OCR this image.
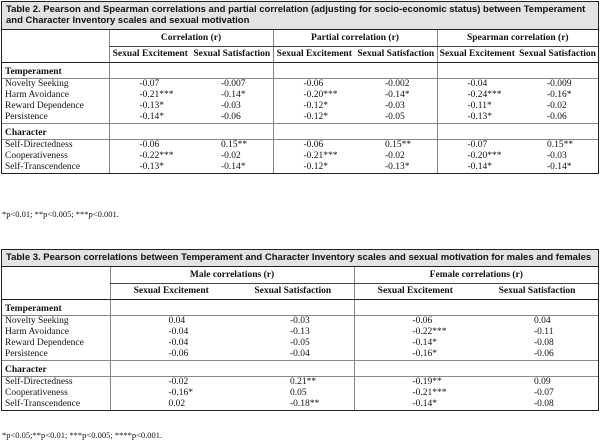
Table 2. Pearson and Spearman correlations and partial correlation (adjusting for socio-economic status) between Temperament and Character Inventory scales and sexual motivation
	Correlation (r)		Partial correlation (r)		Spearman correlation (r)	
	Sexual Excitement	Sexual Satisfaction	Sexual Excitement	Sexual Satisfaction	Sexual Excitement	Sexual Satisfaction
Temperament						
Novelty Seeking	-0.07	-0.007	-0.06	-0.002	-0.04	-0.009
Harm Avoidance	-0.21***	-0.14*	-0.20***	-0.14*	-0.24***	-0.16*
Reward Dependence	-0.13*	-0.03	-0.12*	-0.03	-0.11*	-0.02
Persistence	-0.14*	-0.06	-0.12*	-0.05	-0.13*	-0.06
Character						
Self-Directedness	-0.06	0.15**	-0.06	0.15**	-0.07	0.15**
Cooperativeness	-0.22***	-0.02	-0.21***	-0.02	-0.20***	-0.03
Self-Transcendence	-0.13*	-0.14*	-0.12*	-0.13*	-0.14*	-0.14*
*p<0.01; **p<0.005; ***p<0.001.
Table 3. Pearson correlations between Temperament and Character Inventory scales and sexual motivation for males and females
	Male correlations (r)		Female correlations (r)	
	Sexual Excitement	Sexual Satisfaction	Sexual Excitement	Sexual Satisfaction
Temperament				
Novelty Seeking	0.04	-0.03	-0.06	0.04
Harm Avoidance	-0.04	-0.13	-0.22***	-0.11
Reward Dependence	-0.04	-0.05	-0.14*	-0.08
Persistence	-0.06	-0.04	-0.16*	-0.06
Character				
Self-Directedness	-0.02	0.21**	-0.19**	0.09
Cooperativeness	-0.16*	0.05	-0.21***	-0.07
Self-Transcendence	0.02	-0.18**	-0.14*	-0.08
*p<0.05;**p<0.01; ***p<0.005; ****p<0.001.
